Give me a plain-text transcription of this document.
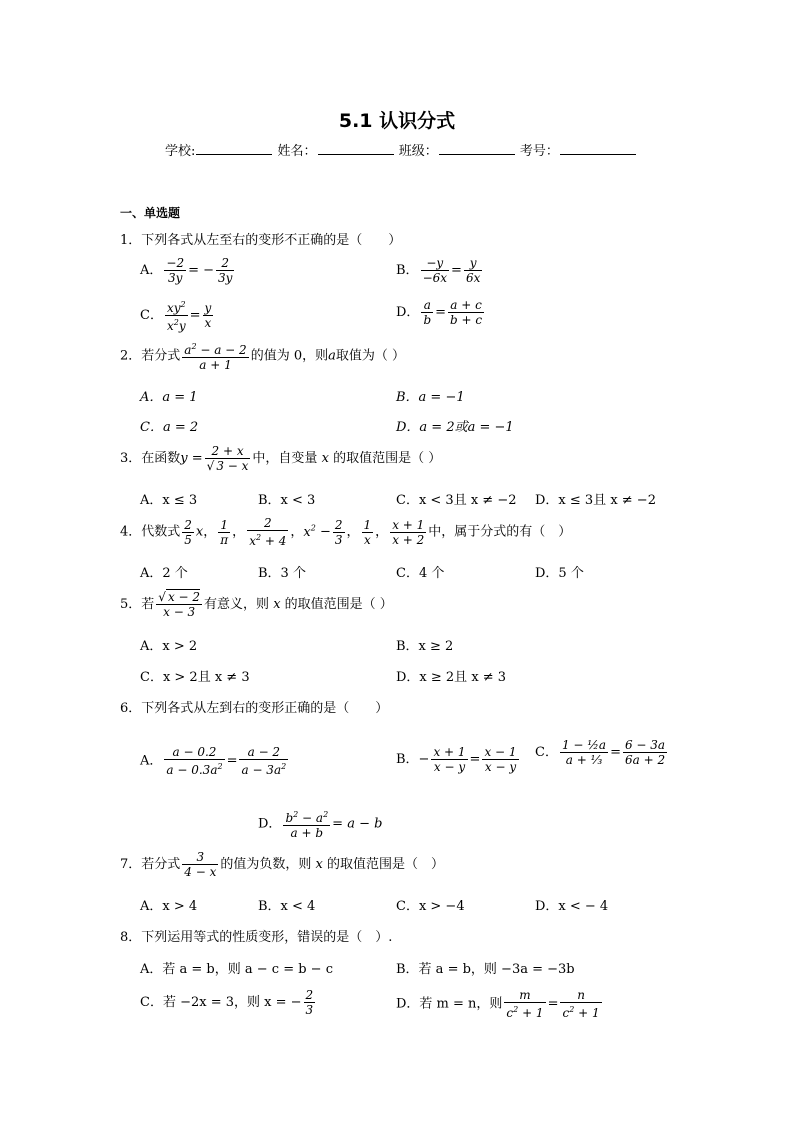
5.1 认识分式
学校:	姓名：	班级：	考号：
一、单选题
1．下列各式从左至右的变形不正确的是（　　）
A． $\frac{-2}{3y}$ = − $\frac{2}{3y}$	B． $\frac{-y}{-6x} = \frac{y}{6x}$
C． $\frac{xy^2}{x^2y} = \frac{y}{x}$	D． $\frac{a}{b} = \frac{a + c}{b + c}$
2．若分式 $\frac{a^2 - a - 2}{a + 1}$ 的值为 0，则a取值为（ ）
A．a = 1	B．a = −1
C．a = 2	D．a = 2或a = −1
3．在函数$y = \frac{2 + x}{√ 3 - x}$ 中，自变量 x 的取值范围是（ ）
A．x ≤ 3	B．x < 3	C．x < 3且 x ≠ −2 D．x ≤ 3且 x ≠ −2
4．代数式 $\frac{2}{5}$ x， $\frac{1}{\pi}$ ， $\frac{2}{x^2 + 4}$ ，$x^2 - \frac{2}{3}$ ， $\frac{1}{x}$ ， $\frac{x + 1}{x + 2}$ 中，属于分式的有（　）
A．2 个	B．3 个	C．4 个	D．5 个
5．若 $\frac{√ x - 2}{x - 3}$ 有意义，则 x 的取值范围是（ ）
A．x > 2	B．x ≥ 2
C．x > 2且 x ≠ 3	D．x ≥ 2且 x ≠ 3
6．下列各式从左到右的变形正确的是（　　）
A． $\frac{a - 0.2}{a - 0.3a^2} = \frac{a - 2}{a - 3a^2}$	B．− $\frac{x + 1}{x - y} = \frac{x - 1}{x - y}$ C． $\frac{\text{1 − ½a}}{\text{a + ⅓}} = \frac{6 - 3a}{6a + 2}$
D． $\frac{b^2 - a^2}{a + b} = a - b$
7．若分式 $\frac{3}{4 - x}$ 的值为负数，则 x 的取值范围是（　）
A．x > 4	B．x < 4	C．x > −4	D．x < − 4
8．下列运用等式的性质变形，错误的是（　）.
A．若 a = b，则 a − c = b − c	B．若 a = b，则 −3a = −3b
C．若 −2x = 3，则 x = − $\frac{2}{3}$	D．若 m = n，则 $\frac{m}{c^2 + 1} = \frac{n}{c^2 + 1}$
